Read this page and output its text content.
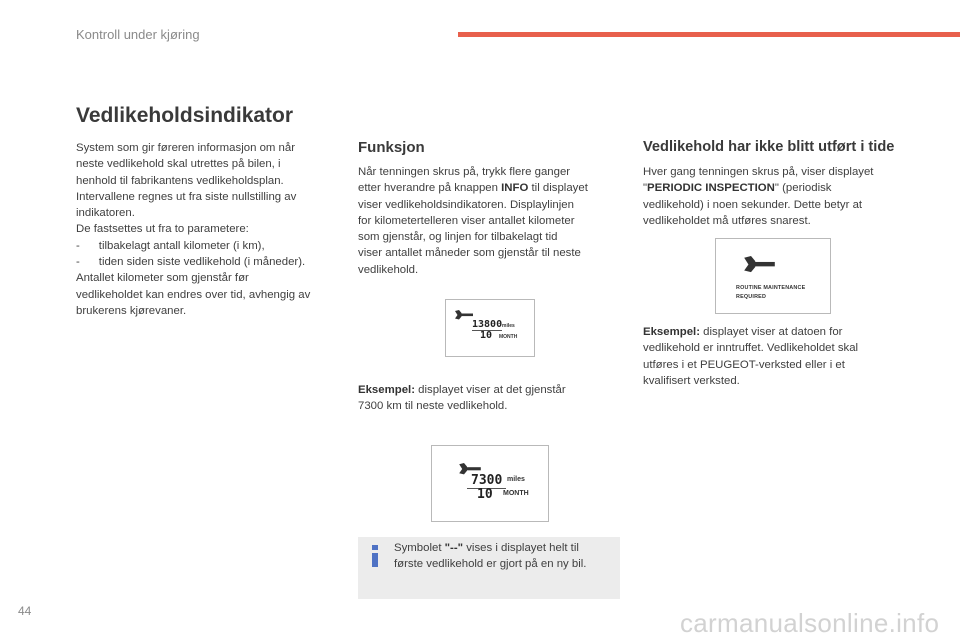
Kontroll under kjøring
Vedlikeholdsindikator

System som gir føreren informasjon om når

neste vedlikehold skal utrettes på bilen, i

henhold til fabrikantens vedlikeholdsplan.

Intervallene regnes ut fra siste nullstilling av

indikatoren.

De fastsettes ut fra to parametere:

-      tilbakelagt antall kilometer (i km),

-      tiden siden siste vedlikehold (i måneder).

Antallet kilometer som gjenstår før

vedlikeholdet kan endres over tid, avhengig av

brukerens kjørevaner.

Funksjon

Når tenningen skrus på, trykk flere ganger

etter hverandre på knappen INFO til displayet

viser vedlikeholdsindikatoren. Displaylinjen

for kilometertelleren viser antallet kilometer

som gjenstår, og linjen for tilbakelagt tid

viser antallet måneder som gjenstår til neste

vedlikehold.

13800 miles
10 MONTH

Eksempel: displayet viser at det gjenstår

7300 km til neste vedlikehold.

7300 miles
10 MONTH

Symbolet "--" vises i displayet helt til

første vedlikehold er gjort på en ny bil.

Vedlikehold har ikke blitt utført i tide

Hver gang tenningen skrus på, viser displayet

"PERIODIC INSPECTION" (periodisk

vedlikehold) i noen sekunder. Dette betyr at

vedlikeholdet må utføres snarest.

ROUTINE MAINTENANCE
REQUIRED

Eksempel: displayet viser at datoen for

vedlikehold er inntruffet. Vedlikeholdet skal

utføres i et PEUGEOT-verksted eller i et

kvalifisert verksted.

44	carmanualsonline.info
